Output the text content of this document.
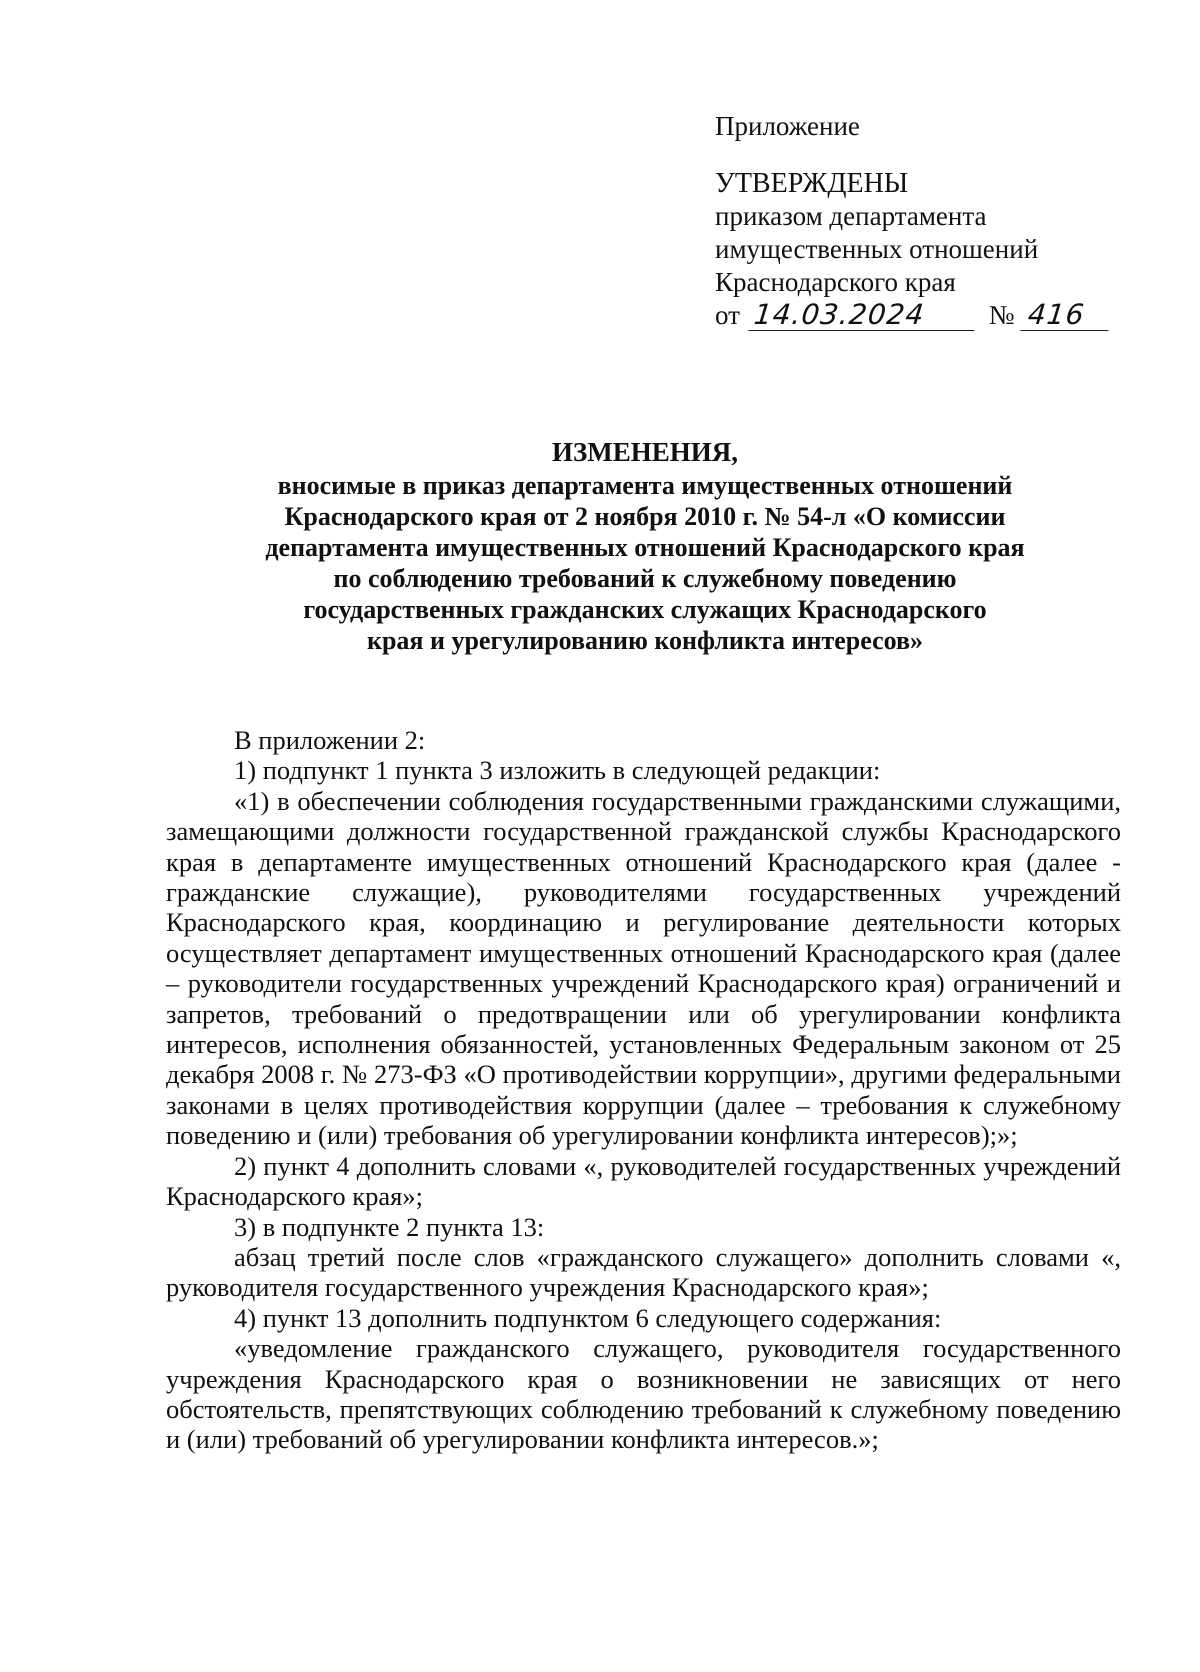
Приложение
УТВЕРЖДЕНЫ
приказом департамента
имущественных отношений
Краснодарского края
от 14.03.2024 № 416
ИЗМЕНЕНИЯ,
вносимые в приказ департамента имущественных отношений
Краснодарского края от 2 ноября 2010 г. № 54-л «О комиссии
департамента имущественных отношений Краснодарского края
по соблюдению требований к служебному поведению
государственных гражданских служащих Краснодарского
края и урегулированию конфликта интересов»

В приложении 2:

1) подпункт 1 пункта 3 изложить в следующей редакции:

«1) в обеспечении соблюдения государственными гражданскими служащими, замещающими должности государственной гражданской службы Краснодарского края в департаменте имущественных отношений Краснодарского края (далее - гражданские служащие), руководителями государственных учреждений Краснодарского края, координацию и регулирование деятельности которых осуществляет департамент имущественных отношений Краснодарского края (далее – руководители государственных учреждений Краснодарского края) ограничений и запретов, требований о предотвращении или об урегулировании конфликта интересов, исполнения обязанностей, установленных Федеральным законом от 25 декабря 2008 г. № 273-ФЗ «О противодействии коррупции», другими федеральными законами в целях противодействия коррупции (далее – требования к служебному поведению и (или) требования об урегулировании конфликта интересов);»;

2) пункт 4 дополнить словами «, руководителей государственных учреждений Краснодарского края»;

3) в подпункте 2 пункта 13:

абзац третий после слов «гражданского служащего» дополнить словами «, руководителя государственного учреждения Краснодарского края»;

4) пункт 13 дополнить подпунктом 6 следующего содержания:

«уведомление гражданского служащего, руководителя государственного учреждения Краснодарского края о возникновении не зависящих от него обстоятельств, препятствующих соблюдению требований к служебному поведению и (или) требований об урегулировании конфликта интересов.»;
